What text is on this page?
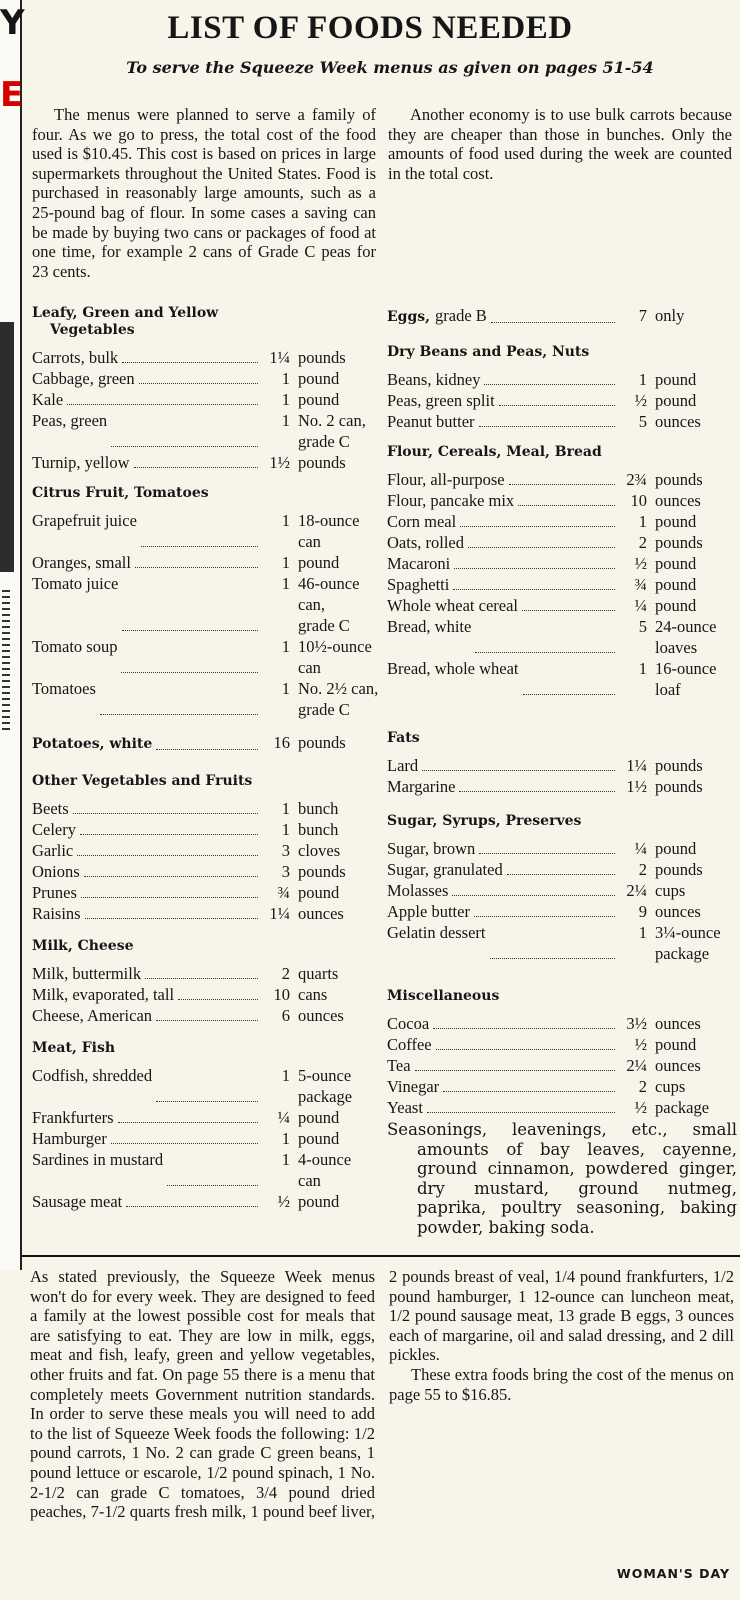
Y
E
LIST OF FOODS NEEDED
To serve the Squeeze Week menus as given on pages 51-54

The menus were planned to serve a family of four. As we go to press, the total cost of the food used is $10.45. This cost is based on prices in large supermarkets throughout the United States. Food is purchased in reasonably large amounts, such as a 25-pound bag of flour. In some cases a saving can be made by buying two cans or packages of food at one time, for example 2 cans of Grade C peas for 23 cents.

Another economy is to use bulk carrots because they are cheaper than those in bunches. Only the amounts of food used during the week are counted in the total cost.

Leafy, Green and Yellow
Vegetables
Carrots, bulk	1¼ pounds
Cabbage, green	1 pound
Kale	1 pound
Peas, green	1 No. 2 can,
grade C
Turnip, yellow	1½ pounds
Citrus Fruit, Tomatoes
Grapefruit juice	1 18-ounce
can
Oranges, small	1 pound
Tomato juice	1 46-ounce
can,
grade C
Tomato soup	1 10½-ounce
can
Tomatoes	1 No. 2½ can,
grade C
Potatoes, white	16 pounds
Other Vegetables and Fruits
Beets	1 bunch
Celery	1 bunch
Garlic	3 cloves
Onions	3 pounds
Prunes	¾ pound
Raisins	1¼ ounces
Milk, Cheese
Milk, buttermilk	2 quarts
Milk, evaporated, tall	10 cans
Cheese, American	6 ounces
Meat, Fish
Codfish, shredded	1 5-ounce
package
Frankfurters	¼ pound
Hamburger	1 pound
Sardines in mustard	1 4-ounce
can
Sausage meat	½ pound
Eggs, grade B	7 only
Dry Beans and Peas, Nuts
Beans, kidney	1 pound
Peas, green split	½ pound
Peanut butter	5 ounces
Flour, Cereals, Meal, Bread
Flour, all-purpose	2¾ pounds
Flour, pancake mix	10 ounces
Corn meal	1 pound
Oats, rolled	2 pounds
Macaroni	½ pound
Spaghetti	¾ pound
Whole wheat cereal	¼ pound
Bread, white	5 24-ounce
loaves
Bread, whole wheat	1 16-ounce
loaf
Fats
Lard	1¼ pounds
Margarine	1½ pounds
Sugar, Syrups, Preserves
Sugar, brown	¼ pound
Sugar, granulated	2 pounds
Molasses	2¼ cups
Apple butter	9 ounces
Gelatin dessert	1 3¼-ounce
package
Miscellaneous
Cocoa	3½ ounces
Coffee	½ pound
Tea	2¼ ounces
Vinegar	2 cups
Yeast	½ package

Seasonings, leavenings, etc., small amounts of bay leaves, cayenne, ground cinnamon, powdered ginger, dry mustard, ground nutmeg, paprika, poultry seasoning, baking powder, baking soda.

As stated previously, the Squeeze Week menus won't do for every week. They are designed to feed a family at the lowest possible cost for meals that are satisfying to eat. They are low in milk, eggs, meat and fish, leafy, green and yellow vegetables, other fruits and fat. On page 55 there is a menu that completely meets Government nutrition standards. In order to serve these meals you will need to add to the list of Squeeze Week foods the following: 1/2 pound carrots, 1 No. 2 can grade C green beans, 1 pound lettuce or escarole, 1/2 pound spinach, 1 No. 2-1/2 can grade C tomatoes, 3/4 pound dried peaches, 7-1/2 quarts fresh milk, 1 pound beef liver, 2 pounds breast of veal, 1/4 pound frankfurters, 1/2 pound hamburger, 1 12-ounce can luncheon meat, 1/2 pound sausage meat, 13 grade B eggs, 3 ounces each of margarine, oil and salad dressing, and 2 dill pickles.

These extra foods bring the cost of the menus on page 55 to $16.85.

WOMAN'S DAY
